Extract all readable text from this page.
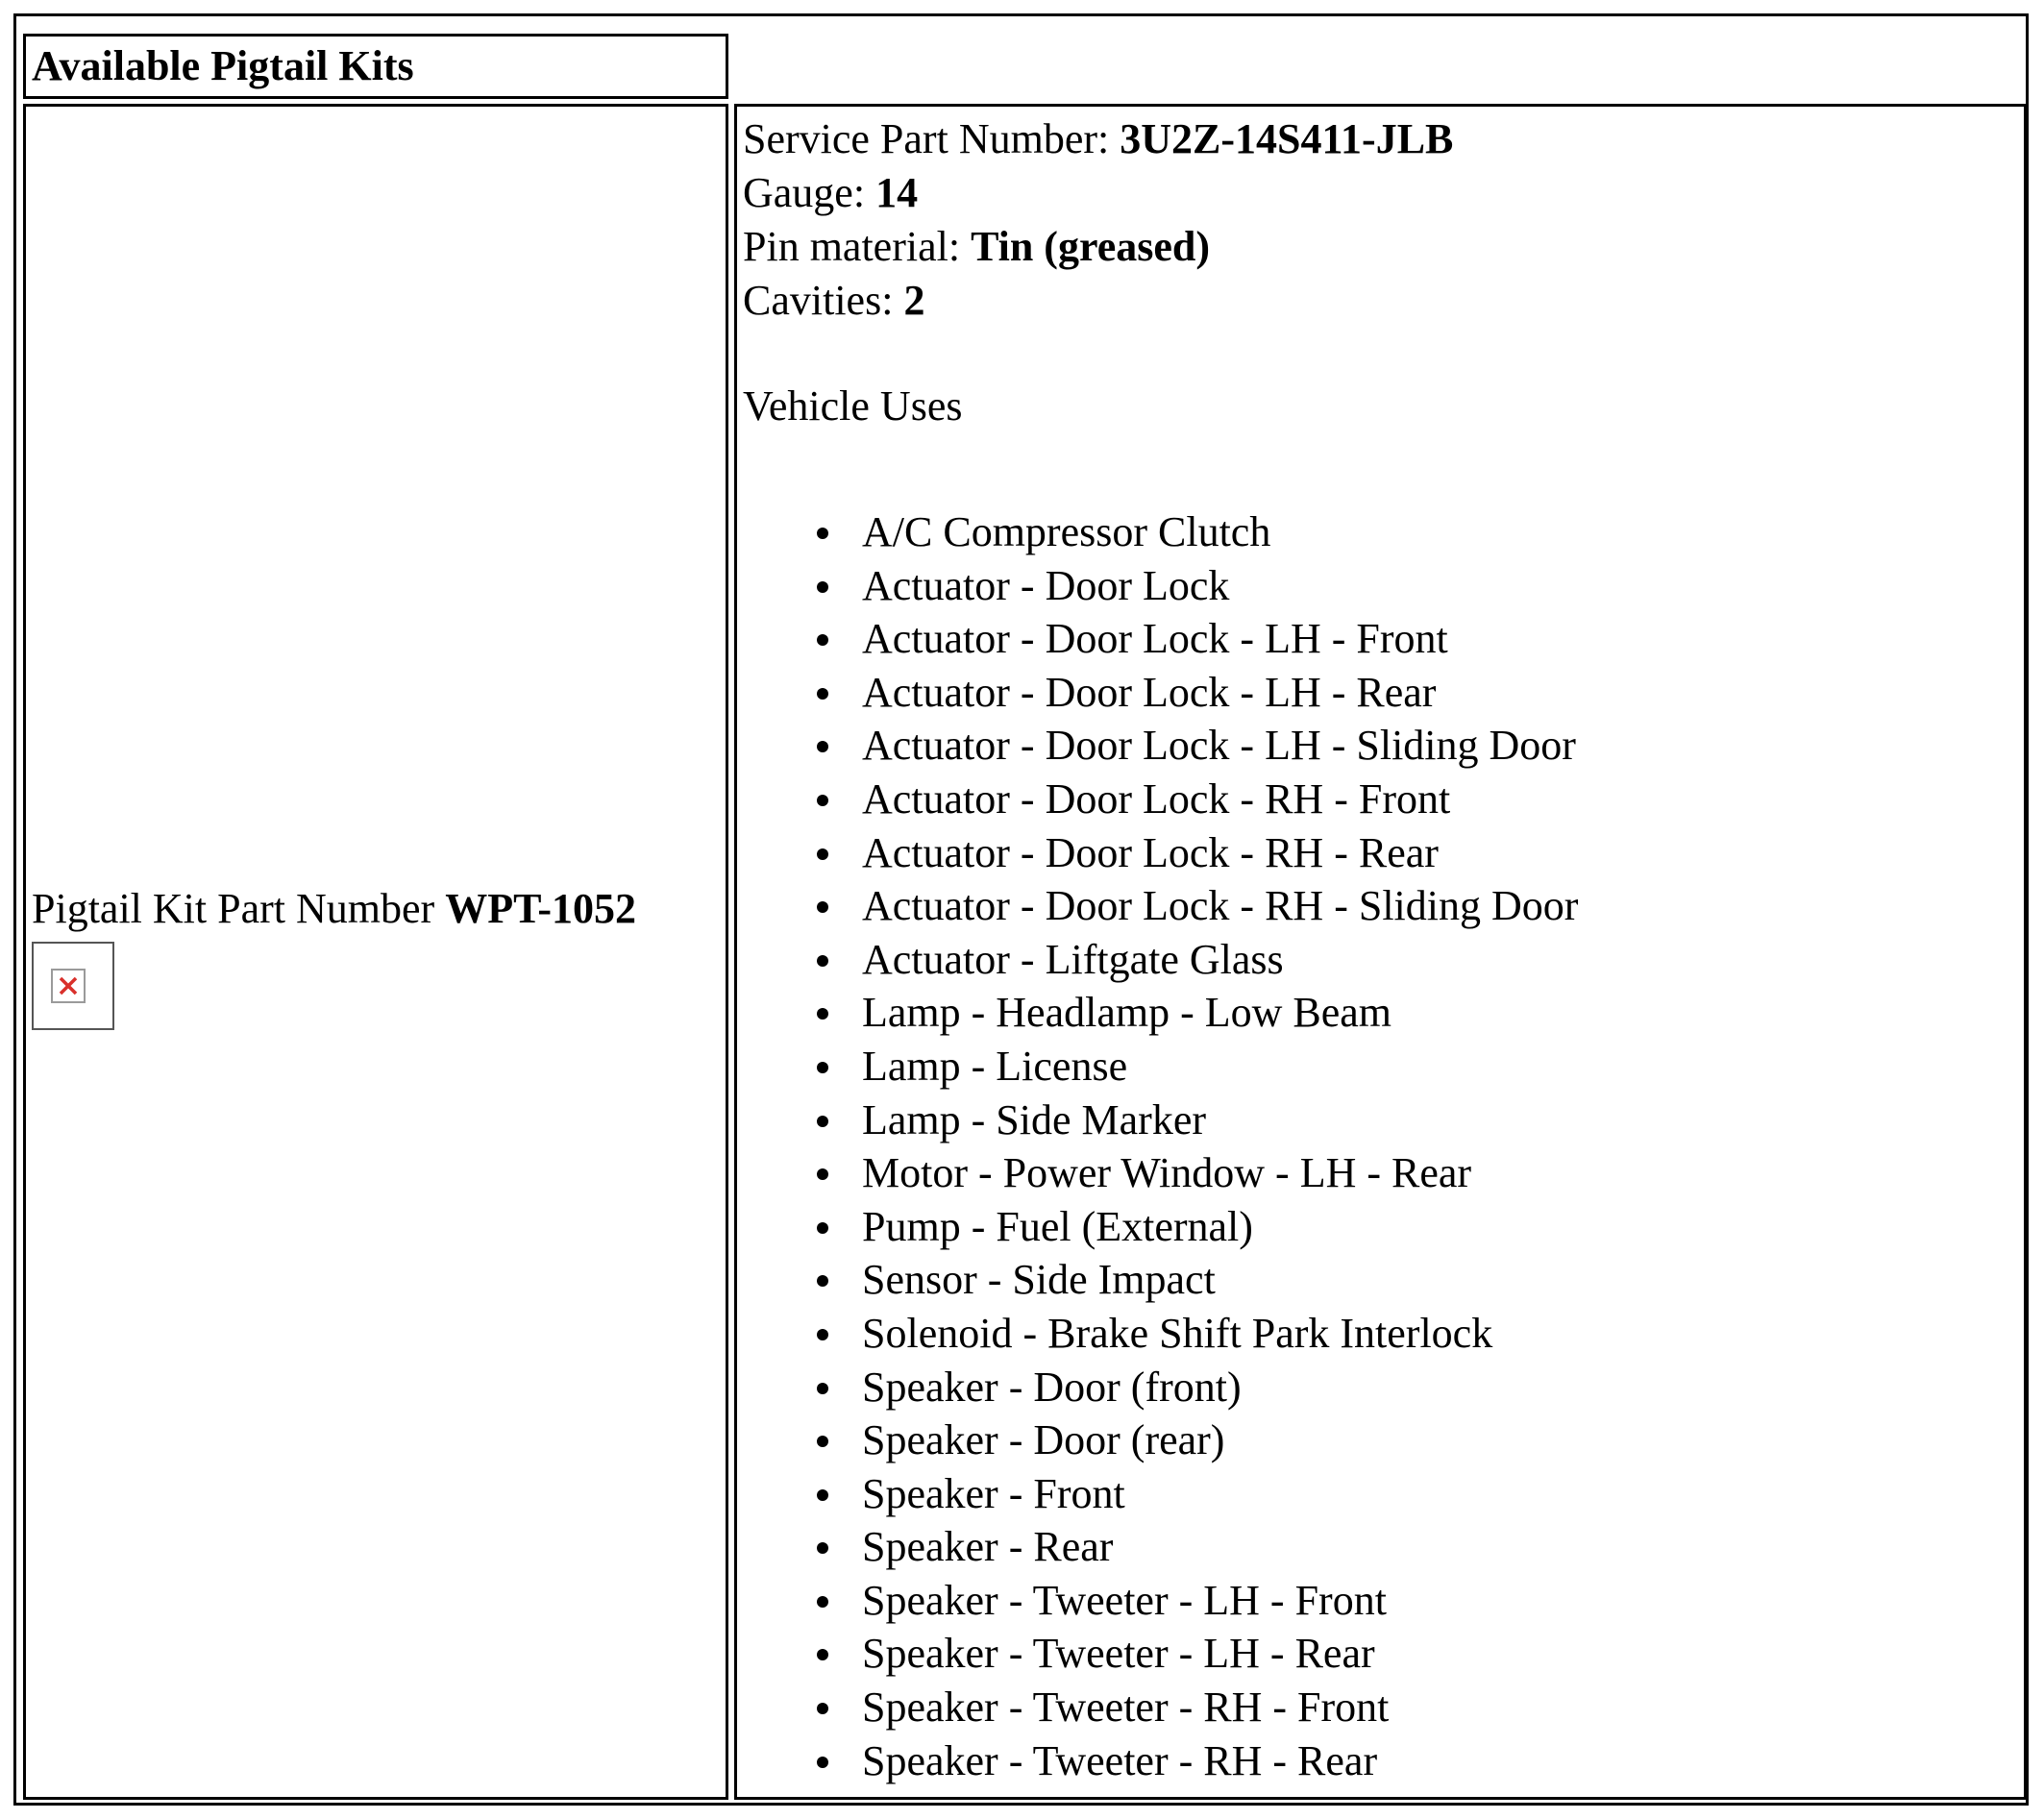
Available Pigtail Kits
Pigtail Kit Part Number WPT-1052
Service Part Number: 3U2Z-14S411-JLB
Gauge: 14
Pin material: Tin (greased)
Cavities: 2
Vehicle Uses
A/C Compressor Clutch
Actuator - Door Lock
Actuator - Door Lock - LH - Front
Actuator - Door Lock - LH - Rear
Actuator - Door Lock - LH - Sliding Door
Actuator - Door Lock - RH - Front
Actuator - Door Lock - RH - Rear
Actuator - Door Lock - RH - Sliding Door
Actuator - Liftgate Glass
Lamp - Headlamp - Low Beam
Lamp - License
Lamp - Side Marker
Motor - Power Window - LH - Rear
Pump - Fuel (External)
Sensor - Side Impact
Solenoid - Brake Shift Park Interlock
Speaker - Door (front)
Speaker - Door (rear)
Speaker - Front
Speaker - Rear
Speaker - Tweeter - LH - Front
Speaker - Tweeter - LH - Rear
Speaker - Tweeter - RH - Front
Speaker - Tweeter - RH - Rear
